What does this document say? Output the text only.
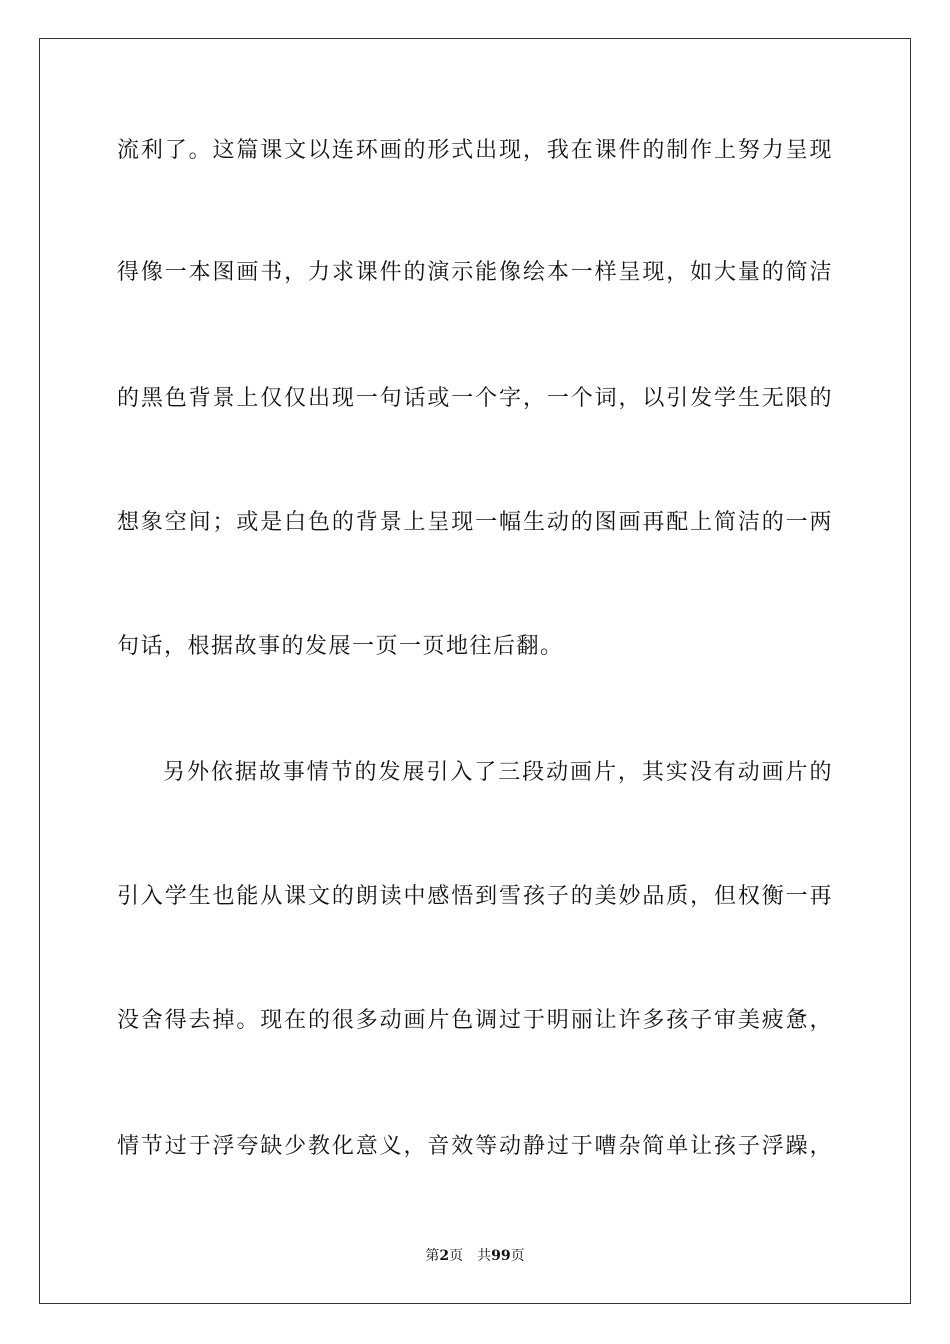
流利了。这篇课文以连环画的形式出现，我在课件的制作上努力呈现
得像一本图画书，力求课件的演示能像绘本一样呈现，如大量的简洁
的黑色背景上仅仅出现一句话或一个字，一个词，以引发学生无限的
想象空间；或是白色的背景上呈现一幅生动的图画再配上简洁的一两
句话，根据故事的发展一页一页地往后翻。
另外依据故事情节的发展引入了三段动画片，其实没有动画片的
引入学生也能从课文的朗读中感悟到雪孩子的美妙品质，但权衡一再
没舍得去掉。现在的很多动画片色调过于明丽让许多孩子审美疲惫，
情节过于浮夸缺少教化意义，音效等动静过于嘈杂简单让孩子浮躁，
第2页 共99页
